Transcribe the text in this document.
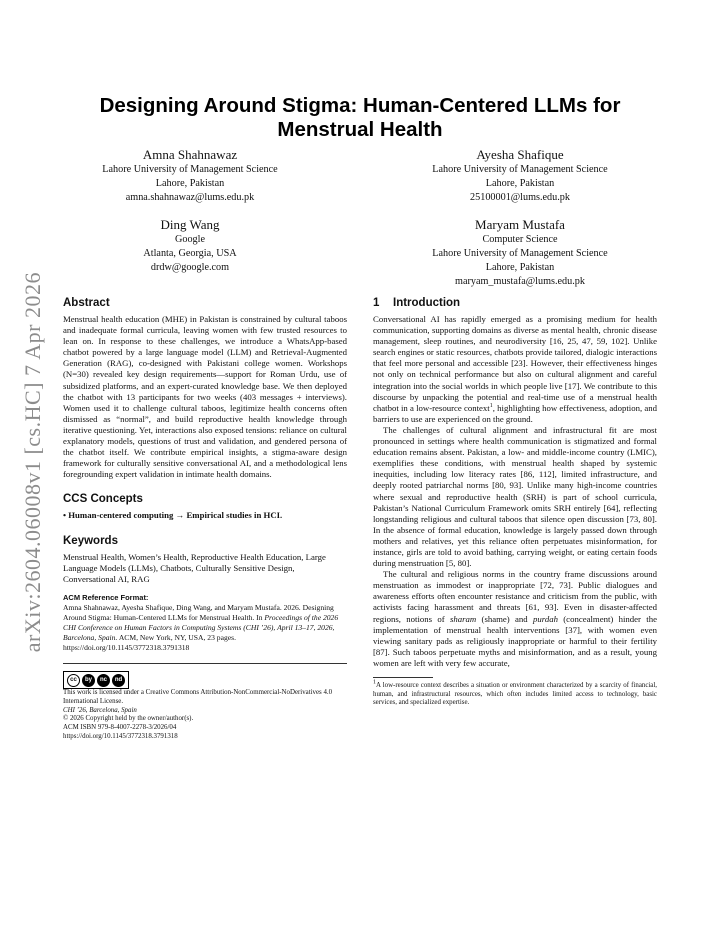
arXiv:2604.06008v1 [cs.HC] 7 Apr 2026
Designing Around Stigma: Human-Centered LLMs for Menstrual Health
Amna Shahnawaz
Lahore University of Management Science
Lahore, Pakistan
amna.shahnawaz@lums.edu.pk
Ayesha Shafique
Lahore University of Management Science
Lahore, Pakistan
25100001@lums.edu.pk
Ding Wang
Google
Atlanta, Georgia, USA
drdw@google.com
Maryam Mustafa
Computer Science
Lahore University of Management Science
Lahore, Pakistan
maryam_mustafa@lums.edu.pk
Abstract

Menstrual health education (MHE) in Pakistan is constrained by cultural taboos and inadequate formal curricula, leaving women with few trusted resources to lean on. In response to these challenges, we introduce a WhatsApp-based chatbot powered by a large language model (LLM) and Retrieval-Augmented Generation (RAG), co-designed with Pakistani college women. Workshops (N=30) revealed key design requirements—support for Roman Urdu, use of subsidized platforms, and an expert-curated knowledge base. We then deployed the chatbot with 13 participants for two weeks (403 messages + interviews). Women used it to challenge cultural taboos, legitimize health concerns often dismissed as “normal”, and build reproductive health knowledge through iterative questioning. Yet, interactions also exposed tensions: reliance on cultural explanatory models, questions of trust and validation, and gendered persona of the chatbot itself. We contribute empirical insights, a stigma-aware design framework for culturally sensitive conversational AI, and a methodological lens foregrounding expert validation in intimate health domains.

CCS Concepts

• Human-centered computing → Empirical studies in HCI.

Keywords

Menstrual Health, Women’s Health, Reproductive Health Education, Large Language Models (LLMs), Chatbots, Culturally Sensitive Design, Conversational AI, RAG

ACM Reference Format:
Amna Shahnawaz, Ayesha Shafique, Ding Wang, and Maryam Mustafa. 2026. Designing Around Stigma: Human-Centered LLMs for Menstrual Health. In Proceedings of the 2026 CHI Conference on Human Factors in Computing Systems (CHI ’26), April 13–17, 2026, Barcelona, Spain. ACM, New York, NY, USA, 23 pages. https://doi.org/10.1145/3772318.3791318
cc	by	nc	nd
This work is licensed under a Creative Commons Attribution-NonCommercial-NoDerivatives 4.0 International License.
CHI ’26, Barcelona, Spain
© 2026 Copyright held by the owner/author(s).
ACM ISBN 979-8-4007-2278-3/2026/04
https://doi.org/10.1145/3772318.3791318
1 Introduction

Conversational AI has rapidly emerged as a promising medium for health communication, supporting domains as diverse as mental health, chronic disease management, sleep routines, and neurodiversity [16, 25, 47, 59, 102]. Unlike search engines or static resources, chatbots provide tailored, dialogic interactions that feel more personal and accessible [23]. However, their effectiveness hinges not only on technical performance but also on cultural alignment and careful integration into the social worlds in which people live [17]. We contribute to this discourse by unpacking the potential and real-time use of a menstrual health chatbot in a low-resource context$^1$, highlighting how effectiveness, adoption, and barriers to use are experienced on the ground.

The challenges of cultural alignment and infrastructural fit are most pronounced in settings where health communication is stigmatized and formal education remains absent. Pakistan, a low- and middle-income country (LMIC), exemplifies these conditions, with menstrual health shaped by systemic inequities, including low literacy rates [86, 112], limited infrastructure, and deeply rooted patriarchal norms [80, 93]. Unlike many high-income countries where sexual and reproductive health (SRH) is part of school curricula, Pakistan’s National Curriculum Framework omits SRH entirely [64], reflecting longstanding religious and cultural taboos that silence open discussion [73, 80]. In the absence of formal education, knowledge is largely passed down through mothers and relatives, yet this reliance often perpetuates misinformation, for instance, girls are told to avoid bathing, carrying weight, or eating certain foods during menstruation [5, 80].

The cultural and religious norms in the country frame discussions around menstruation as immodest or inappropriate [72, 73]. Public dialogues and awareness efforts often encounter resistance and criticism from the public, with activists facing harassment and threats [61, 93]. Even in disaster-affected regions, notions of sharam (shame) and purdah (concealment) hinder the implementation of menstrual health interventions [37], with women even viewing sanitary pads as religiously inappropriate or harmful to their fertility [87]. Such taboos perpetuate myths and misinformation, and as a result, young women are left with very few accurate,

$^1$A low-resource context describes a situation or environment characterized by a scarcity of financial, human, and infrastructural resources, which often includes limited access to technology, basic services, and specialized expertise.
